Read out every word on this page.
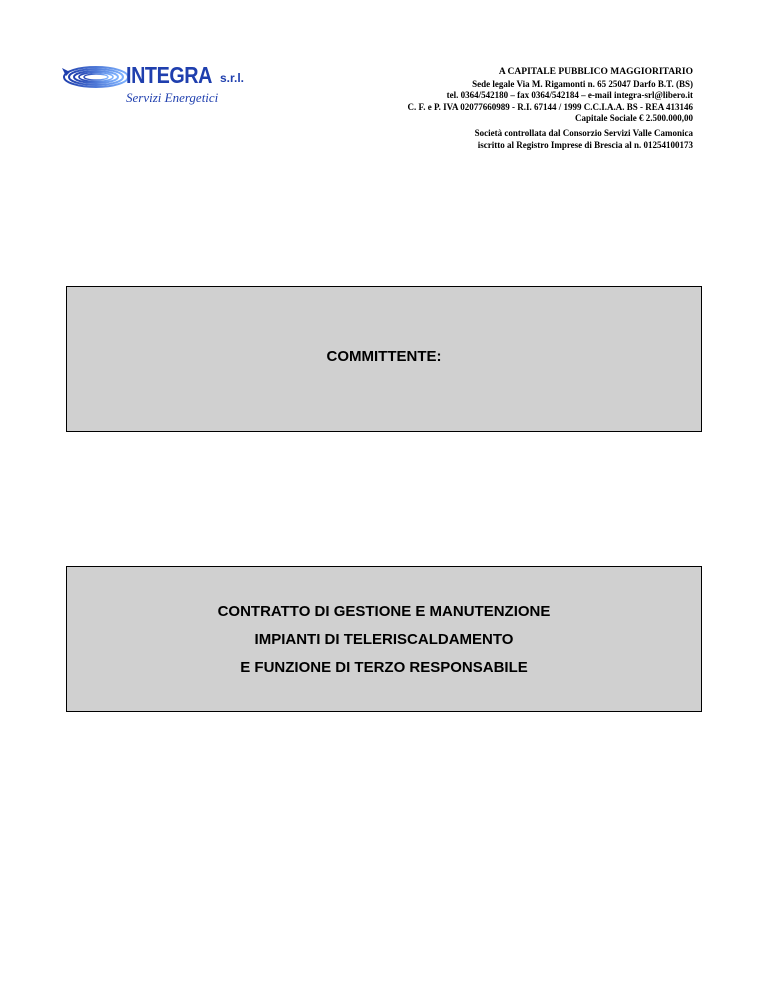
INTEGRA s.r.l.
Servizi Energetici
A CAPITALE PUBBLICO MAGGIORITARIO
Sede legale Via M. Rigamonti n. 65 25047 Darfo B.T. (BS)
tel. 0364/542180 – fax 0364/542184 – e-mail integra-srl@libero.it
C. F. e P. IVA 02077660989 - R.I. 67144 / 1999 C.C.I.A.A. BS - REA 413146
Capitale Sociale € 2.500.000,00
Società controllata dal Consorzio Servizi Valle Camonica
iscritto al Registro Imprese di Brescia al n. 01254100173
COMMITTENTE:
CONTRATTO DI GESTIONE E MANUTENZIONE
IMPIANTI DI TELERISCALDAMENTO
E FUNZIONE DI TERZO RESPONSABILE
